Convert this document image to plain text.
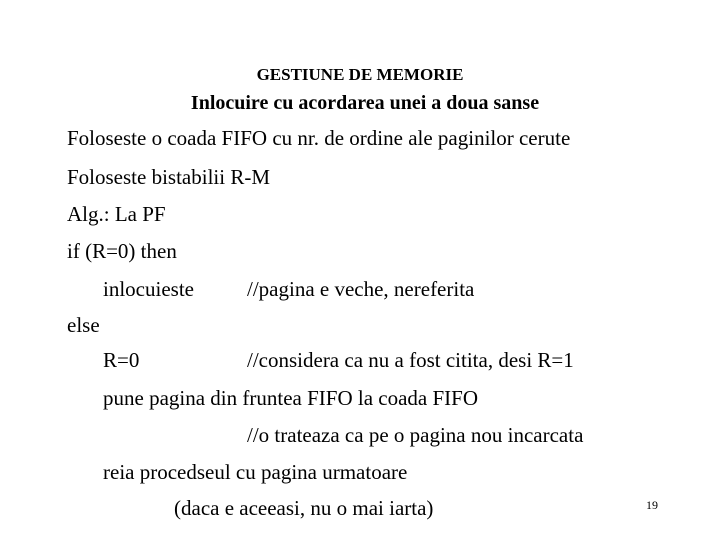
GESTIUNE DE MEMORIE
Inlocuire cu acordarea unei a doua sanse
Foloseste o coada FIFO cu nr. de ordine ale paginilor cerute
Foloseste bistabilii R-M
Alg.: La PF
if (R=0) then
inlocuieste	//pagina e veche, nereferita
else
R=0	//considera ca nu a fost citita, desi R=1
pune pagina din fruntea FIFO la coada FIFO
//o trateaza ca pe o pagina nou incarcata
reia procedseul cu pagina urmatoare
(daca e aceeasi, nu o mai iarta)	19
